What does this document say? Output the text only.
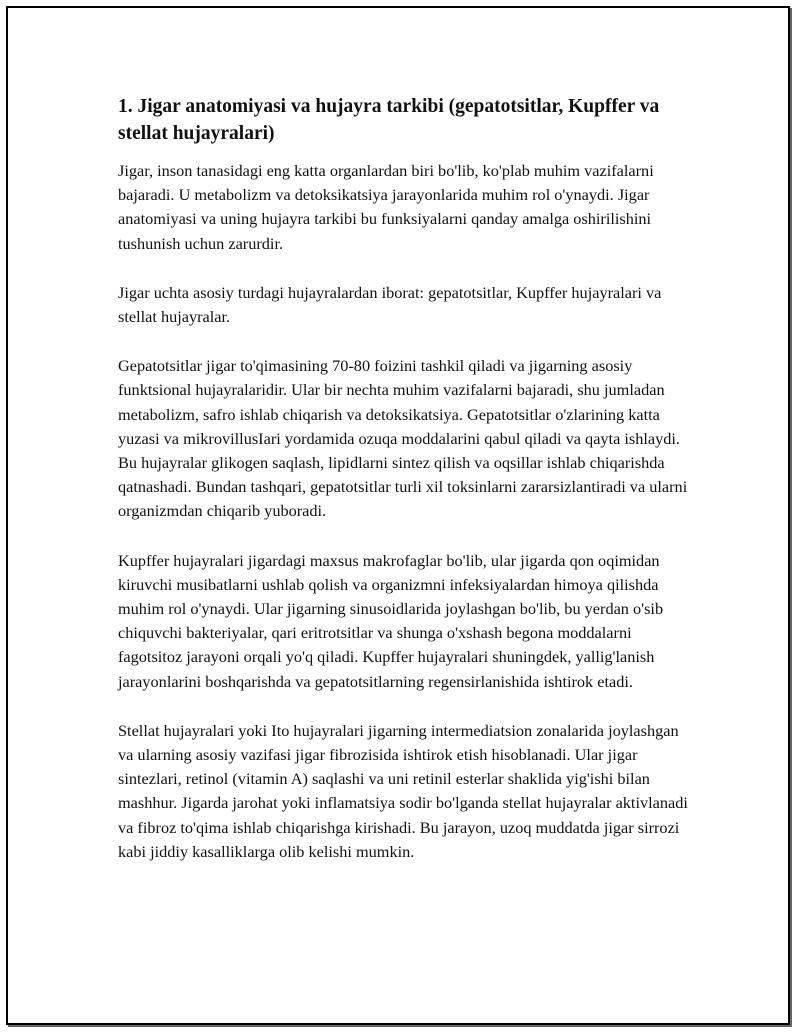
1. Jigar anatomiyasi va hujayra tarkibi (gepatotsitlar, Kupffer va stellat hujayralari)

Jigar, inson tanasidagi eng katta organlardan biri bo'lib, ko'plab muhim vazifalarni bajaradi. U metabolizm va detoksikatsiya jarayonlarida muhim rol o'ynaydi. Jigar anatomiyasi va uning hujayra tarkibi bu funksiyalarni qanday amalga oshirilishini tushunish uchun zarurdir.

Jigar uchta asosiy turdagi hujayralardan iborat: gepatotsitlar, Kupffer hujayralari va stellat hujayralar.

Gepatotsitlar jigar to'qimasining 70-80 foizini tashkil qiladi va jigarning asosiy funktsional hujayralaridir. Ular bir nechta muhim vazifalarni bajaradi, shu jumladan metabolizm, safro ishlab chiqarish va detoksikatsiya. Gepatotsitlar o'zlarining katta yuzasi va mikrovillusIari yordamida ozuqa moddalarini qabul qiladi va qayta ishlaydi. Bu hujayralar glikogen saqlash, lipidlarni sintez qilish va oqsillar ishlab chiqarishda qatnashadi. Bundan tashqari, gepatotsitlar turli xil toksinlarni zararsizlantiradi va ularni organizmdan chiqarib yuboradi.

Kupffer hujayralari jigardagi maxsus makrofaglar bo'lib, ular jigarda qon oqimidan kiruvchi musibatlarni ushlab qolish va organizmni infeksiyalardan himoya qilishda muhim rol o'ynaydi. Ular jigarning sinusoidlarida joylashgan bo'lib, bu yerdan o'sib chiquvchi bakteriyalar, qari eritrotsitlar va shunga o'xshash begona moddalarni fagotsitoz jarayoni orqali yo'q qiladi. Kupffer hujayralari shuningdek, yallig'lanish jarayonlarini boshqarishda va gepatotsitlarning regensirlanishida ishtirok etadi.

Stellat hujayralari yoki Ito hujayralari jigarning intermediatsion zonalarida joylashgan va ularning asosiy vazifasi jigar fibrozisida ishtirok etish hisoblanadi. Ular jigar sintezlari, retinol (vitamin A) saqlashi va uni retinil esterlar shaklida yig'ishi bilan mashhur. Jigarda jarohat yoki inflamatsiya sodir bo'lganda stellat hujayralar aktivlanadi va fibroz to'qima ishlab chiqarishga kirishadi. Bu jarayon, uzoq muddatda jigar sirrozi kabi jiddiy kasalliklarga olib kelishi mumkin.
